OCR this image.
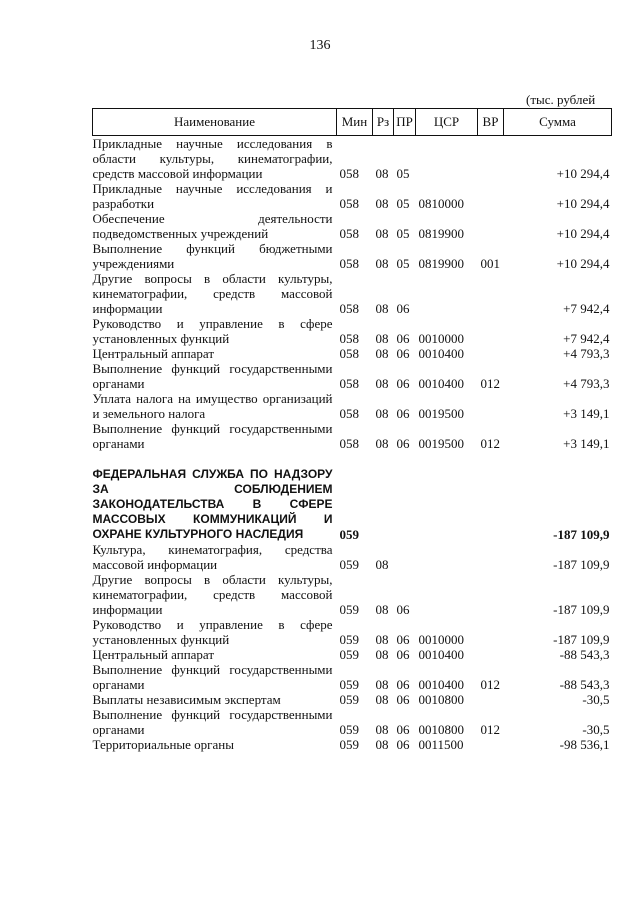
136
(тыс. рублей
Наименование	Мин	Рз	ПР	ЦСР	ВР	Сумма
Прикладные научные исследования в области культуры, кинематографии, средств массовой информации	058	08	05			+10 294,4
Прикладные научные исследования и разработки	058	08	05	0810000		+10 294,4
Обеспечение деятельности подведомственных учреждений	058	08	05	0819900		+10 294,4
Выполнение функций бюджетными учреждениями	058	08	05	0819900	001	+10 294,4
Другие вопросы в области культуры, кинематографии, средств массовой информации	058	08	06			+7 942,4
Руководство и управление в сфере установленных функций	058	08	06	0010000		+7 942,4
Центральный аппарат	058	08	06	0010400		+4 793,3
Выполнение функций государственными органами	058	08	06	0010400	012	+4 793,3
Уплата налога на имущество организаций и земельного налога	058	08	06	0019500		+3 149,1
Выполнение функций государственными органами	058	08	06	0019500	012	+3 149,1

ФЕДЕРАЛЬНАЯ СЛУЖБА ПО НАДЗОРУ ЗА СОБЛЮДЕНИЕМ ЗАКОНОДАТЕЛЬСТВА В СФЕРЕ МАССОВЫХ КОММУНИКАЦИЙ И ОХРАНЕ КУЛЬТУРНОГО НАСЛЕДИЯ	059					-187 109,9
Культура, кинематография, средства массовой информации	059	08				-187 109,9
Другие вопросы в области культуры, кинематографии, средств массовой информации	059	08	06			-187 109,9
Руководство и управление в сфере установленных функций	059	08	06	0010000		-187 109,9
Центральный аппарат	059	08	06	0010400		-88 543,3
Выполнение функций государственными органами	059	08	06	0010400	012	-88 543,3
Выплаты независимым экспертам	059	08	06	0010800		-30,5
Выполнение функций государственными органами	059	08	06	0010800	012	-30,5
Территориальные органы	059	08	06	0011500		-98 536,1
